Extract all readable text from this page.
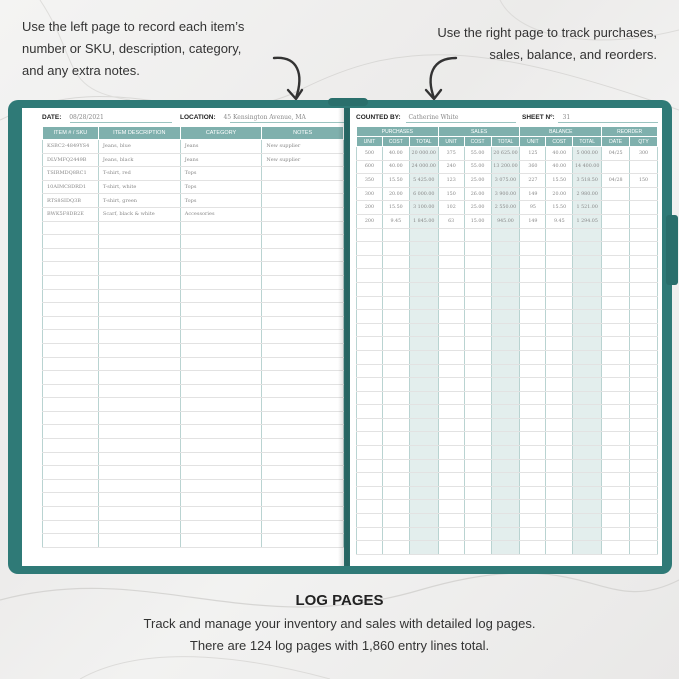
Use the left page to record each item’s
number or SKU, description, category,
and any extra notes.
Use the right page to track purchases,
sales, balance, and reorders.
DATE: 08/28/2021	LOCATION: 45 Kensington Avenue, MA
ITEM # / SKU	ITEM DESCRIPTION	CATEGORY	NOTES
KSBC2-4849YS4	Jeans, blue	Jeans	New supplier
DLVMFQ2449B	Jeans, black	Jeans	New supplier
TSIRMDQ8RC1	T-shirt, red	Tops	
10AIMC8DRD1	T-shirt, white	Tops	
RTS8SIDQ3B	T-shirt, green	Tops	
BWK5F8DB2E	Scarf, black & white	Accessories	

COUNTED BY: Catherine White	SHEET Nº: 31
PURCHASES			SALES			BALANCE			REORDER	
UNIT	COST	TOTAL	UNIT	COST	TOTAL	UNIT	COST	TOTAL	DATE	QTY
500	40.00	20 000.00	375	55.00	20 625.00	125	40.00	5 000.00	04/25	300
600	40.00	24 000.00	240	55.00	13 200.00	360	40.00	14 400.00		
350	15.50	5 425.00	123	25.00	3 075.00	227	15.50	3 518.50	04/28	150
300	20.00	6 000.00	150	26.00	3 900.00	149	20.00	2 980.00		
200	15.50	3 100.00	102	25.00	2 550.00	95	15.50	1 521.00		
200	9.45	1 845.00	63	15.00	945.00	149	9.45	1 294.05		

LOG PAGES
Track and manage your inventory and sales with detailed log pages.
There are 124 log pages with 1,860 entry lines total.
